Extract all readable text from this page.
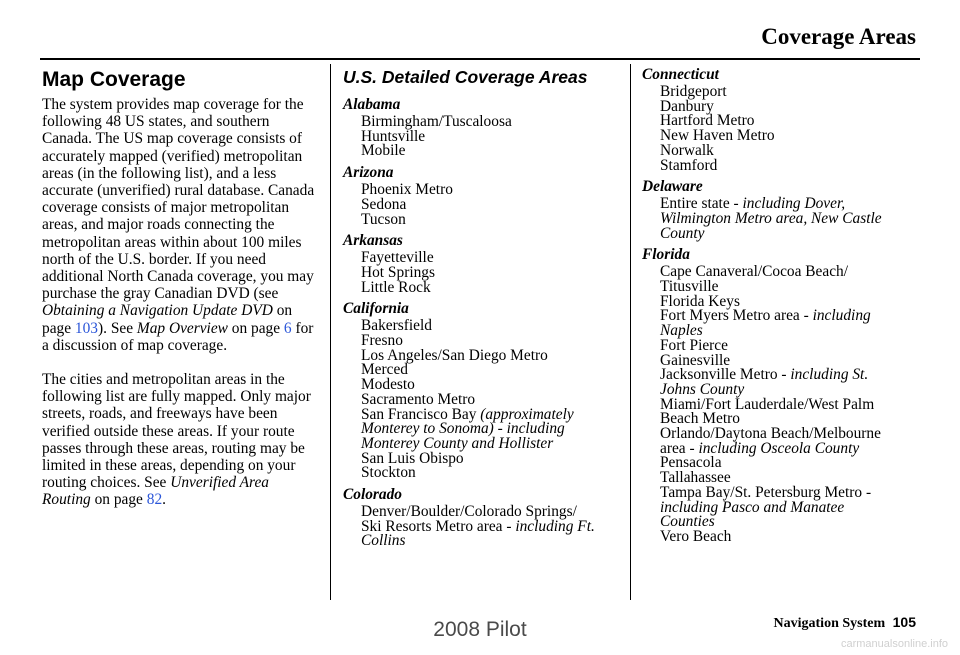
Coverage Areas
Map Coverage

The system provides map coverage for the following 48 US states, and southern Canada. The US map coverage consists of accurately mapped (verified) metropolitan areas (in the following list), and a less accurate (unverified) rural database. Canada coverage consists of major metropolitan areas, and major roads connecting the metropolitan areas within about 100 miles north of the U.S. border. If you need additional North Canada coverage, you may purchase the gray Canadian DVD (see Obtaining a Navigation Update DVD on page 103). See Map Overview on page 6 for a discussion of map coverage.

The cities and metropolitan areas in the following list are fully mapped. Only major streets, roads, and freeways have been verified outside these areas. If your route passes through these areas, routing may be limited in these areas, depending on your routing choices. See Unverified Area Routing on page 82.

U.S. Detailed Coverage Areas
Alabama
Birmingham/Tuscaloosa
Huntsville
Mobile
Arizona
Phoenix Metro
Sedona
Tucson
Arkansas
Fayetteville
Hot Springs
Little Rock
California
Bakersfield
Fresno
Los Angeles/San Diego Metro
Merced
Modesto
Sacramento Metro
San Francisco Bay (approximately
Monterey to Sonoma) - including
Monterey County and Hollister
San Luis Obispo
Stockton
Colorado
Denver/Boulder/Colorado Springs/
Ski Resorts Metro area - including Ft.
Collins
Connecticut
Bridgeport
Danbury
Hartford Metro
New Haven Metro
Norwalk
Stamford
Delaware
Entire state - including Dover,
Wilmington Metro area, New Castle
County
Florida
Cape Canaveral/Cocoa Beach/
Titusville
Florida Keys
Fort Myers Metro area - including
Naples
Fort Pierce
Gainesville
Jacksonville Metro - including St.
Johns County
Miami/Fort Lauderdale/West Palm
Beach Metro
Orlando/Daytona Beach/Melbourne
area - including Osceola County
Pensacola
Tallahassee
Tampa Bay/St. Petersburg Metro -
including Pasco and Manatee
Counties
Vero Beach
Navigation System 105
2008 Pilot
carmanualsonline.info
